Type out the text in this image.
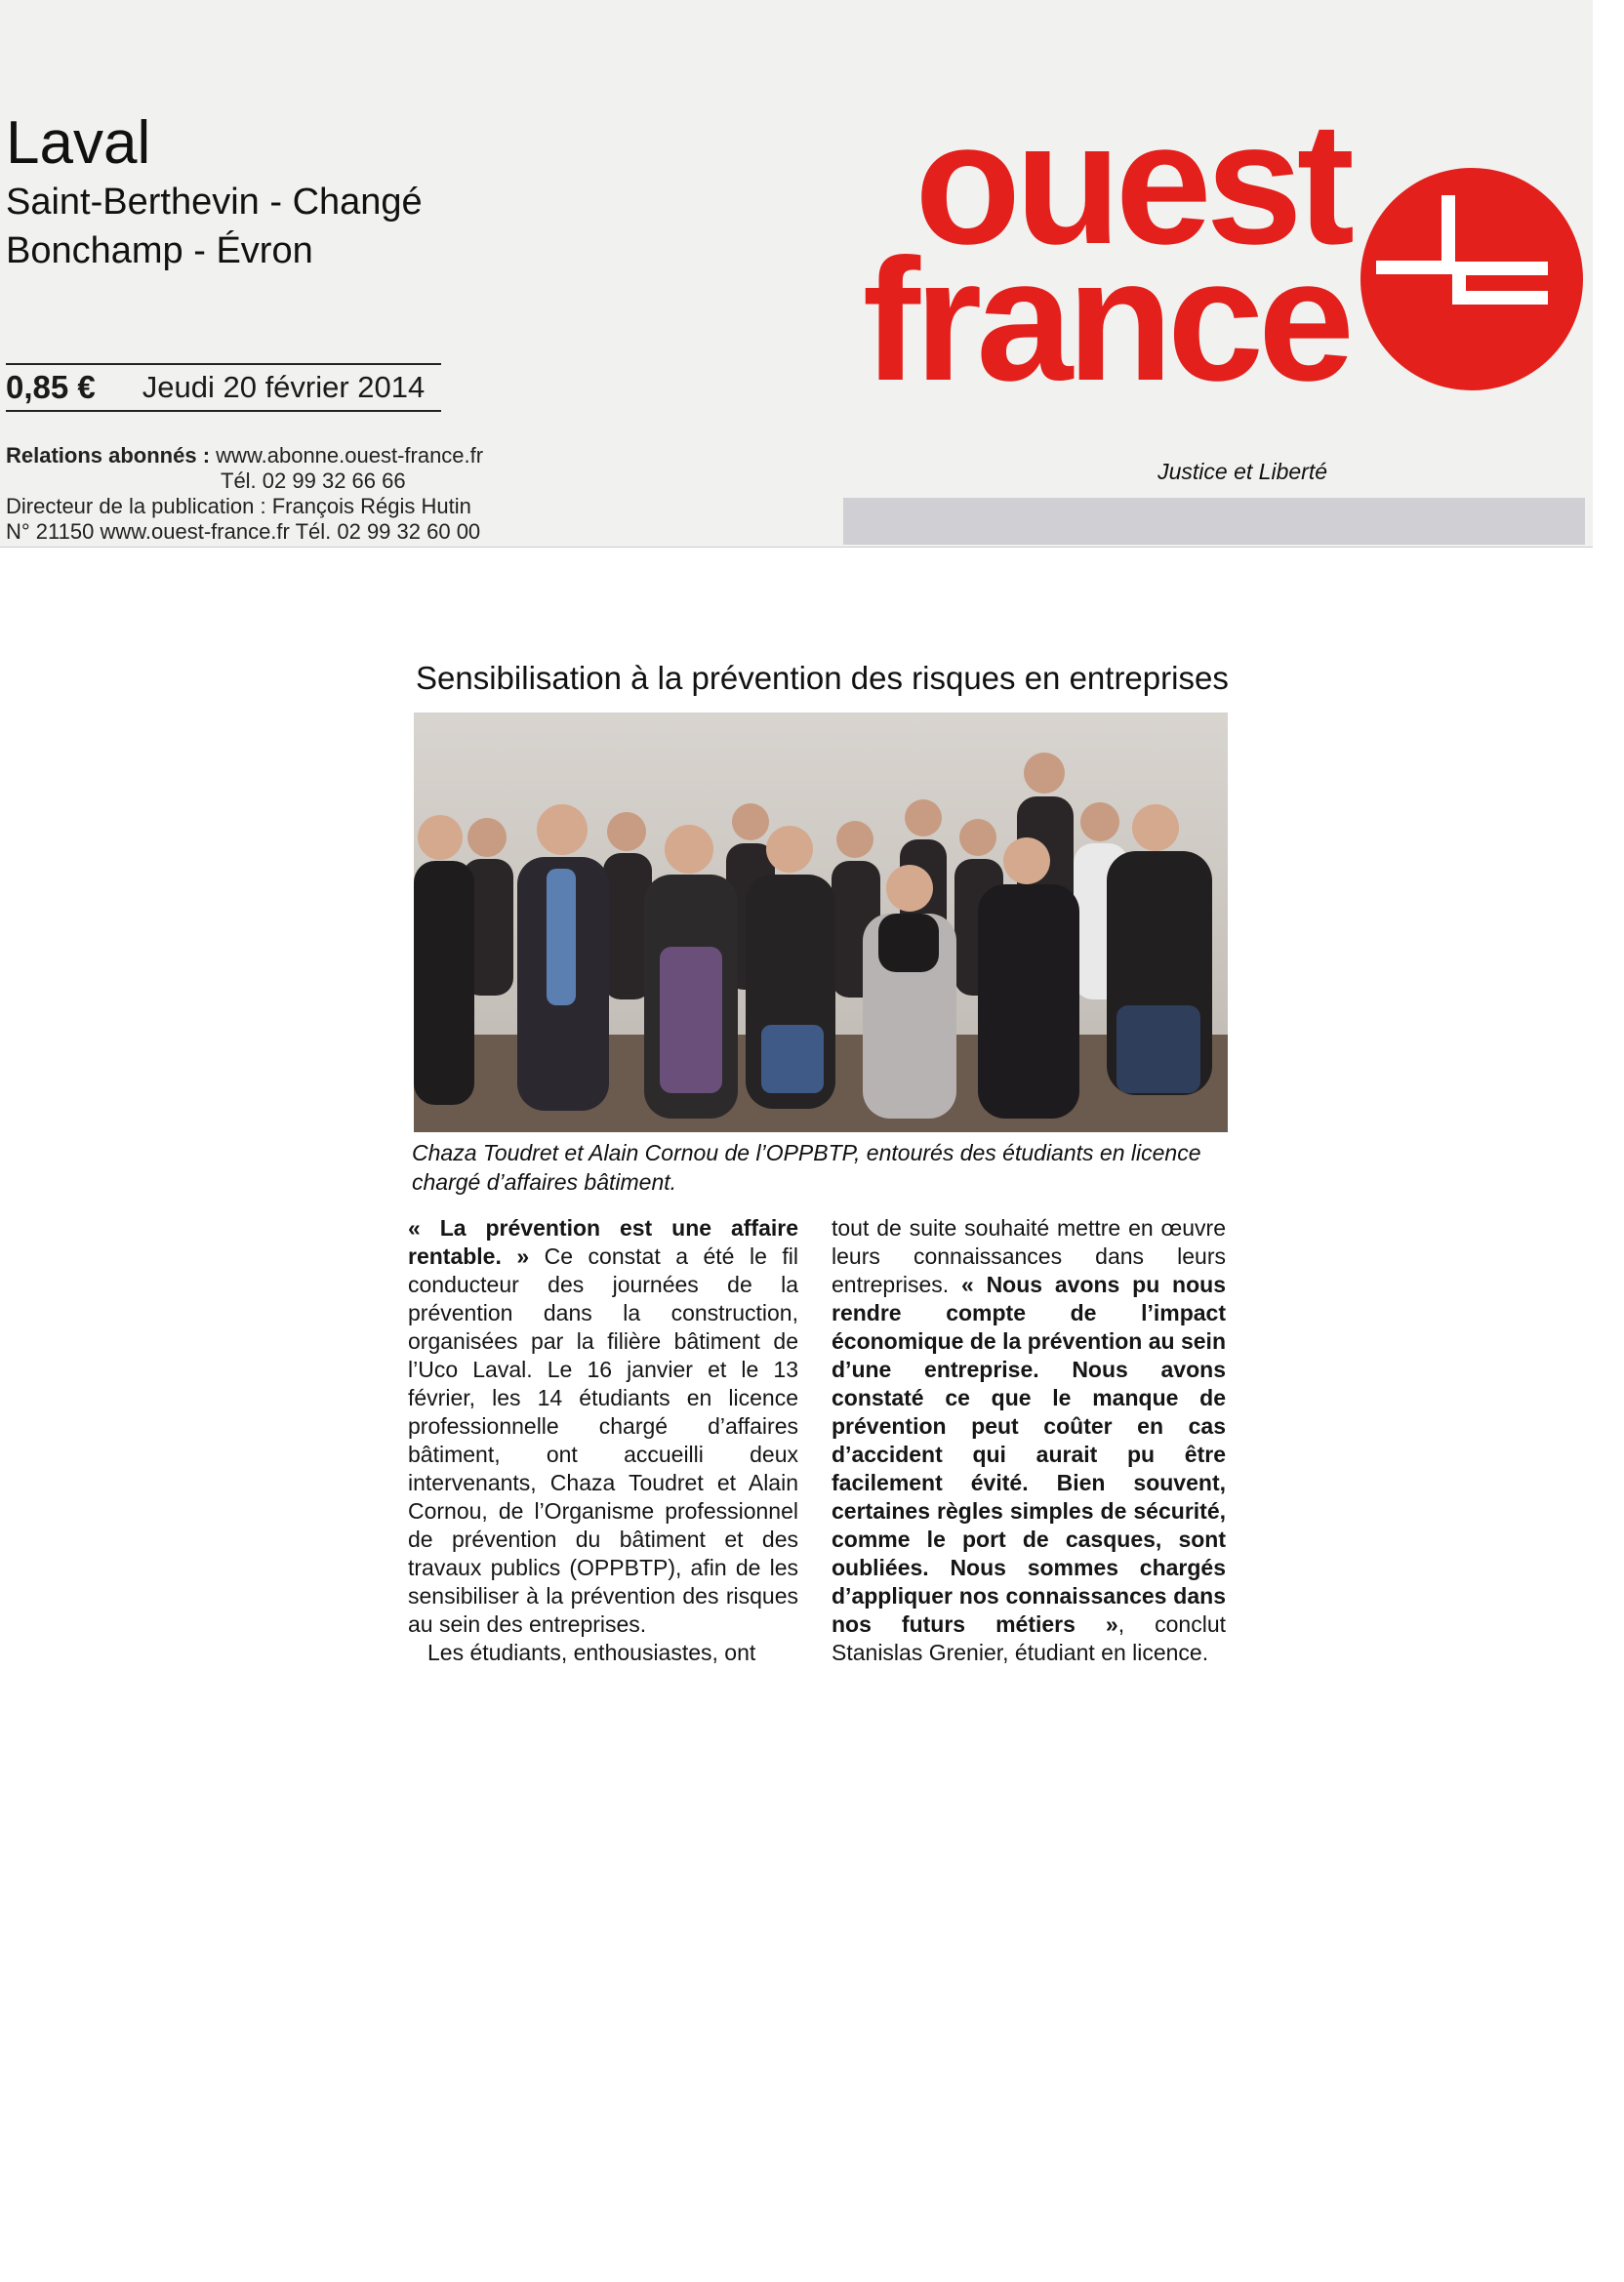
Laval
Saint-Berthevin - Changé
Bonchamp - Évron
0,85 € Jeudi 20 février 2014
Relations abonnés : www.abonne.ouest-france.fr
Tél. 02 99 32 66 66
Directeur de la publication : François Régis Hutin
N° 21150 www.ouest-france.fr Tél. 02 99 32 60 00
ouest
france
Justice et Liberté
Sensibilisation à la prévention des risques en entreprises
Chaza Toudret et Alain Cornou de l’OPPBTP, entourés des étudiants en licence chargé d’affaires bâtiment.

« La prévention est une affaire rentable. » Ce constat a été le fil conducteur des journées de la prévention dans la construction, organisées par la filière bâtiment de l’Uco Laval. Le 16 janvier et le 13 février, les 14 étudiants en licence professionnelle chargé d’affaires bâtiment, ont accueilli deux intervenants, Chaza Toudret et Alain Cornou, de l’Organisme professionnel de prévention du bâtiment et des travaux publics (OPPBTP), afin de les sensibiliser à la prévention des risques au sein des entreprises.

Les étudiants, enthousiastes, ont

tout de suite souhaité mettre en œuvre leurs connaissances dans leurs entreprises. « Nous avons pu nous rendre compte de l’impact économique de la prévention au sein d’une entreprise. Nous avons constaté ce que le manque de prévention peut coûter en cas d’accident qui aurait pu être facilement évité. Bien souvent, certaines règles simples de sécurité, comme le port de casques, sont oubliées. Nous sommes chargés d’appliquer nos connaissances dans nos futurs métiers », conclut Stanislas Grenier, étudiant en licence.
